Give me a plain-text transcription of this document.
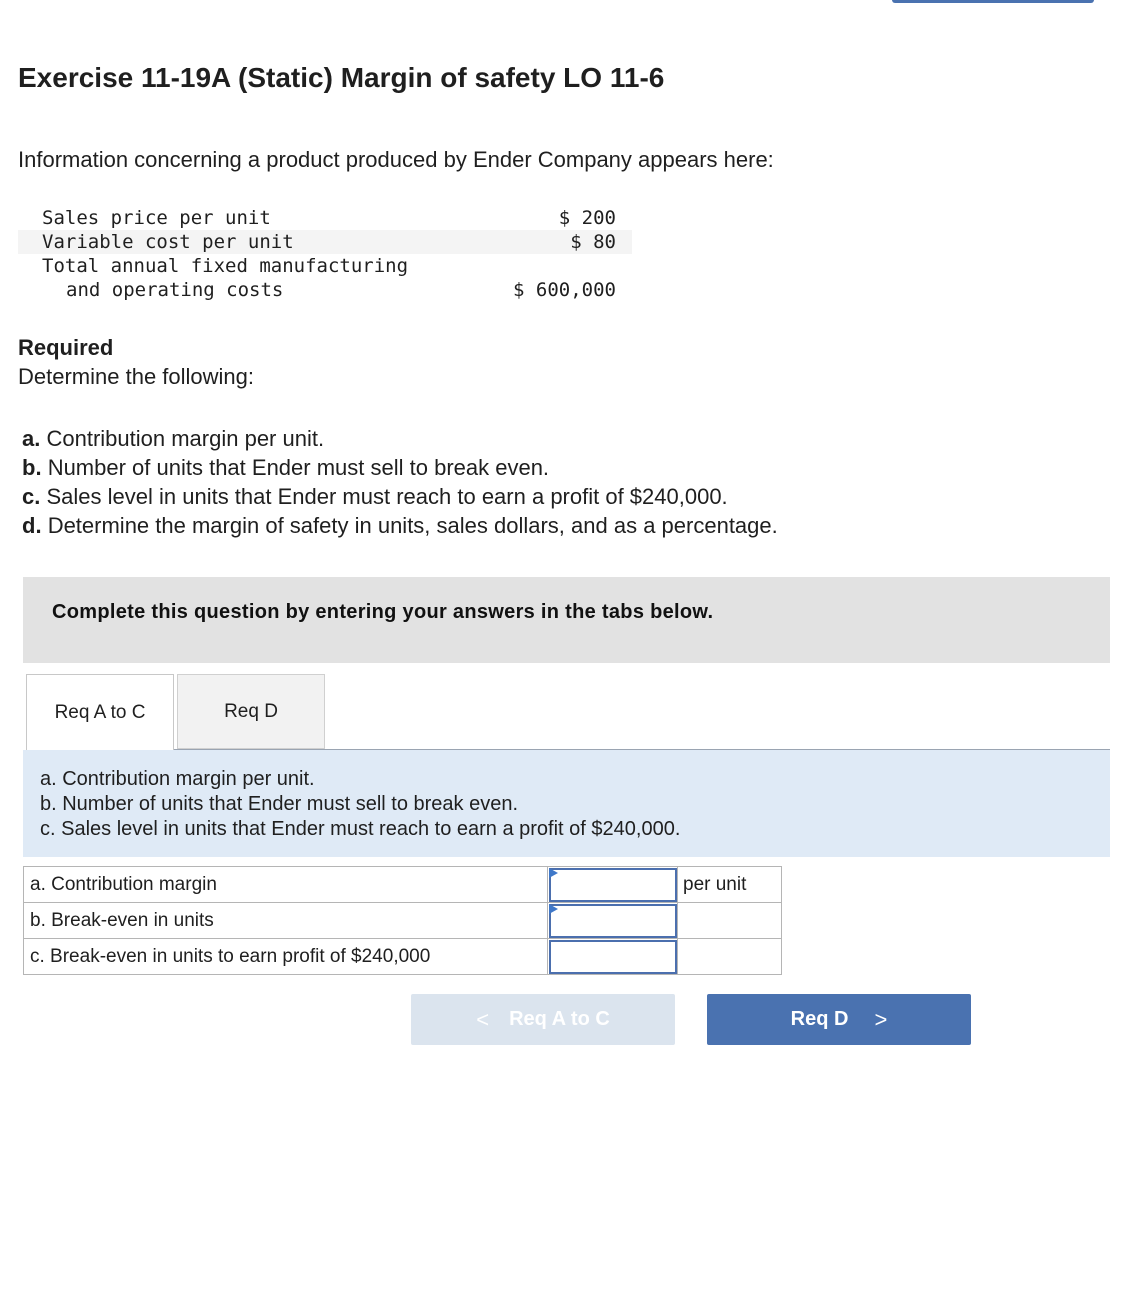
Exercise 11-19A (Static) Margin of safety LO 11-6

Information concerning a product produced by Ender Company appears here:

Sales price per unit	$ 200
Variable cost per unit	$ 80
Total annual fixed manufacturing
and operating costs	$ 600,000

Required

Determine the following:

a. Contribution margin per unit.
b. Number of units that Ender must sell to break even.
c. Sales level in units that Ender must reach to earn a profit of $240,000.
d. Determine the margin of safety in units, sales dollars, and as a percentage.
Complete this question by entering your answers in the tabs below.
Req A to C	Req D

a. Contribution margin per unit.

b. Number of units that Ender must sell to break even.

c. Sales level in units that Ender must reach to earn a profit of $240,000.

a. Contribution margin		per unit
b. Break-even in units	

c. Break-even in units to earn profit of $240,000	

< Req A to C	Req D >
